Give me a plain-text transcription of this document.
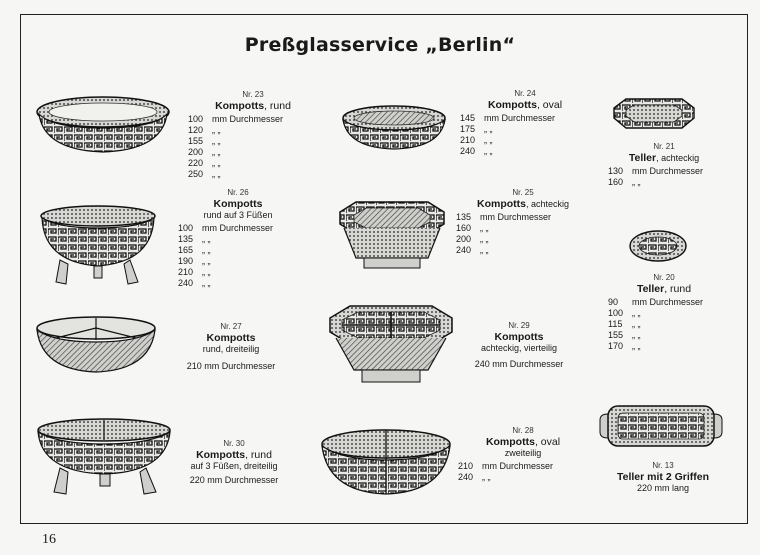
Preßglasservice „Berlin“
16
Nr. 23
Kompotts, rund
100 mm Durchmesser
120 „ „
155 „ „
200 „ „
220 „ „
250 „ „
Nr. 26
Kompotts
rund auf 3 Füßen
100 mm Durchmesser
135 „ „
165 „ „
190 „ „
210 „ „
240 „ „
Nr. 27
Kompotts
rund, dreiteilig
210 mm Durchmesser
Nr. 30
Kompotts, rund
auf 3 Füßen, dreiteilig
220 mm Durchmesser
Nr. 24
Kompotts, oval
145 mm Durchmesser
175 „ „
210 „ „
240 „ „
Nr. 25
Kompotts, achteckig
135 mm Durchmesser
160 „ „
200 „ „
240 „ „
Nr. 29
Kompotts
achteckig, vierteilig
240 mm Durchmesser
Nr. 28
Kompotts, oval
zweiteilig
210 mm Durchmesser
240 „ „
Nr. 21
Teller, achteckig
130 mm Durchmesser
160 „ „
Nr. 20
Teller, rund
90 mm Durchmesser
100 „ „
115 „ „
155 „ „
170 „ „
Nr. 13
Teller mit 2 Griffen
220 mm lang
